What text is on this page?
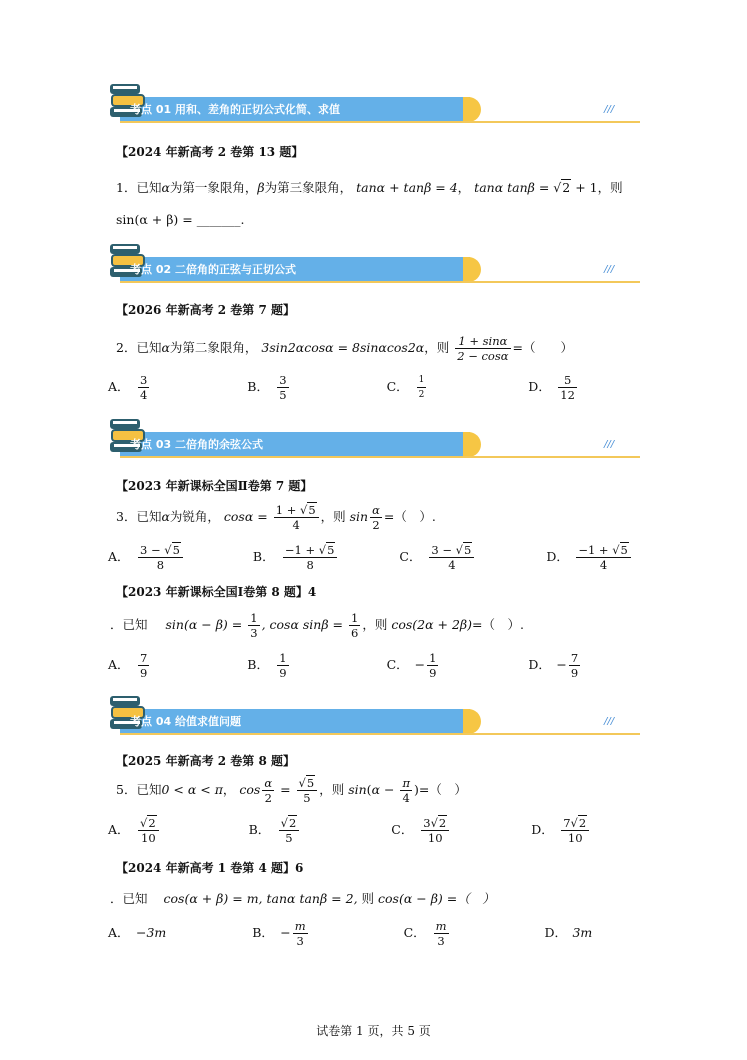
考点 01 用和、差角的正切公式化简、求值	///
【2024 年新高考 2 卷第 13 题】
1．已知α为第一象限角，β为第三象限角， tanα + tanβ = 4， tanα tanβ = √2 + 1，则
sin(α + β) = _______.
考点 02 二倍角的正弦与正切公式	///
【2026 年新高考 2 卷第 7 题】
2．已知α为第二象限角， 3sin2αcosα = 8sinαcos2α，则 $\frac{1 + \sin\alpha}{2 - \cos\alpha}$ =（　　）
A． $\frac{3}{4}$	B． $\frac{3}{5}$	C． $\frac{1}{2}$	D． $\frac{5}{12}$
考点 03 二倍角的余弦公式	///
【2023 年新课标全国Ⅱ卷第 7 题】
3．已知α为锐角， $\cos\alpha = \frac{1 + √5}{4}$ ，则 $\sin \frac{\alpha}{2}$ =（　）.
A． $\frac{3 - √5}{8}$	B． $\frac{-1 + √5}{8}$	C． $\frac{3 - √5}{4}$	D． $\frac{-1 + √5}{4}$
【2023 年新课标全国Ⅰ卷第 8 题】4
．已知 $\sin(\alpha - \beta) = \frac{1}{3}$ , cosα $\sin\beta = \frac{1}{6}$ ，则 cos(2α + 2β)=（　）.
A． $\frac{7}{9}$	B． $\frac{1}{9}$	C． − $\frac{1}{9}$	D． − $\frac{7}{9}$
考点 04 给值求值问题	///
【2025 年新高考 2 卷第 8 题】
5．已知0 < α < π， $\cos \frac{\alpha}{2} = \frac{√5}{5}$ ，则 $\sin(\alpha - \frac{\pi}{4}$ )=（　）
A． $\frac{√2}{10}$	B． $\frac{√2}{5}$	C． $\frac{3√2}{10}$	D． $\frac{7√2}{10}$
【2024 年新高考 1 卷第 4 题】6
．已知 cos(α + β) = m, tanα tanβ = 2, 则 cos(α − β) =（　）
A． −3m	B． − $\frac{m}{3}$	C． $\frac{m}{3}$	D． 3m
试卷第 1 页，共 5 页
